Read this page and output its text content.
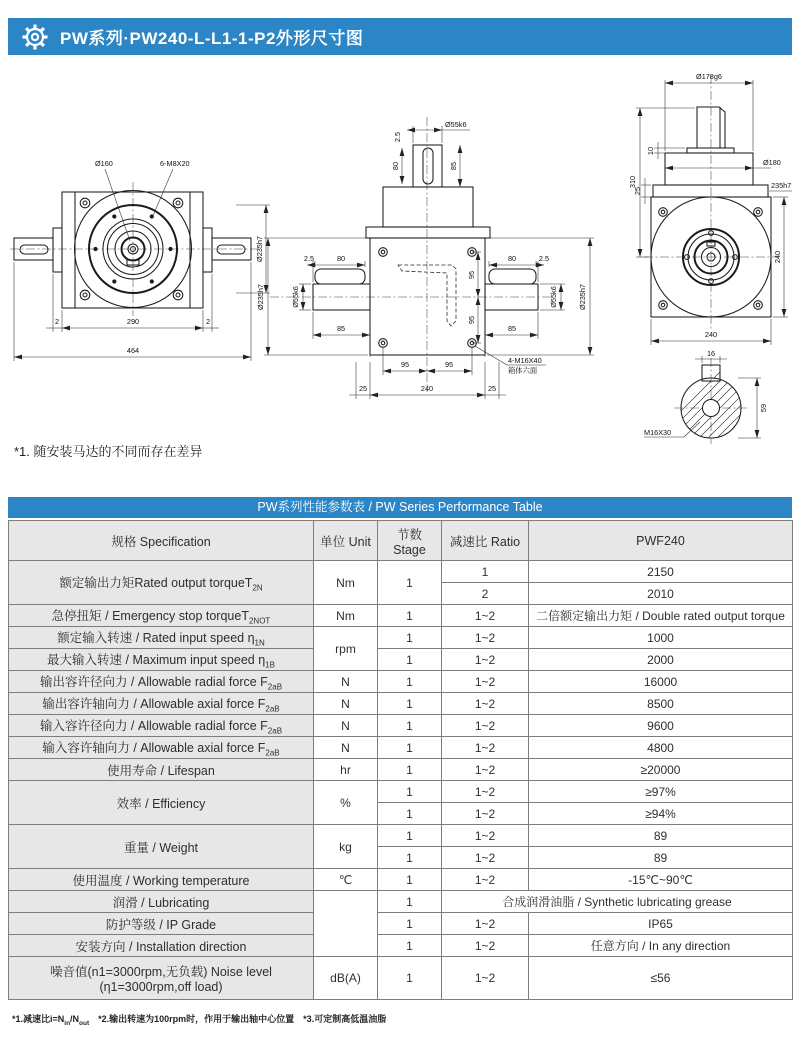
PW系列·PW240-L-L1-1-P2外形尺寸图
Ø160	6-M8X20
2	290	2
464
Ø235h7
Ø55k6
2.5
80	85
2.5	80
Ø55k6
Ø235h7
85
80	2.5
Ø55k6	Ø235h7
85
95
95
95	95
25	240	25
4-M16X40
箱体六面
Ø178g6
10
Ø180
310
25
235h7
240
240
16
59
M16X30
*1. 随安装马达的不同而存在差异
PW系列性能参数表 / PW Series Performance Table
规格 Specification	单位 Unit	节数 Stage	减速比 Ratio	PWF240
额定输出力矩Rated output torqueT$_{2N}$	Nm	1	1	2150
			2	2010
急停扭矩 / Emergency stop torqueT$_{2NOT}$	Nm	1	1~2	二倍额定输出力矩 / Double rated output torque
额定输入转速 / Rated input speed $\eta_{1N}$	rpm	1	1~2	1000
最大输入转速 / Maximum input speed $\eta_{1B}$		1	1~2	2000
输出容许径向力 / Allowable radial force $F_{2aB}$	N	1	1~2	16000
输出容许轴向力 / Allowable axial force $F_{2aB}$	N	1	1~2	8500
输入容许径向力 / Allowable radial force $F_{2aB}$	N	1	1~2	9600
输入容许轴向力 / Allowable axial force $F_{2aB}$	N	1	1~2	4800
使用寿命 / Lifespan	hr	1	1~2	≥20000
效率 / Efficiency	%	1	1~2	≥97%
		1	1~2	≥94%
重量 / Weight	kg	1	1~2	89
		1	1~2	89
使用温度 / Working temperature	℃	1	1~2	-15℃~90℃
润滑 / Lubricating		1	合成润滑油脂 / Synthetic lubricating grease	
防护等级 / IP Grade		1	1~2	IP65
安装方向 / Installation direction		1	1~2	任意方向 / In any direction

噪音值(n1=3000rpm,无负载) Noise level
(η1=3000rpm,off load)	dB(A)	1	1~2	≤56
*1.减速比$i=N_{in}/N_{out}$　*2.输出转速为100rpm时，作用于输出轴中心位置　*3.可定制高低温油脂
